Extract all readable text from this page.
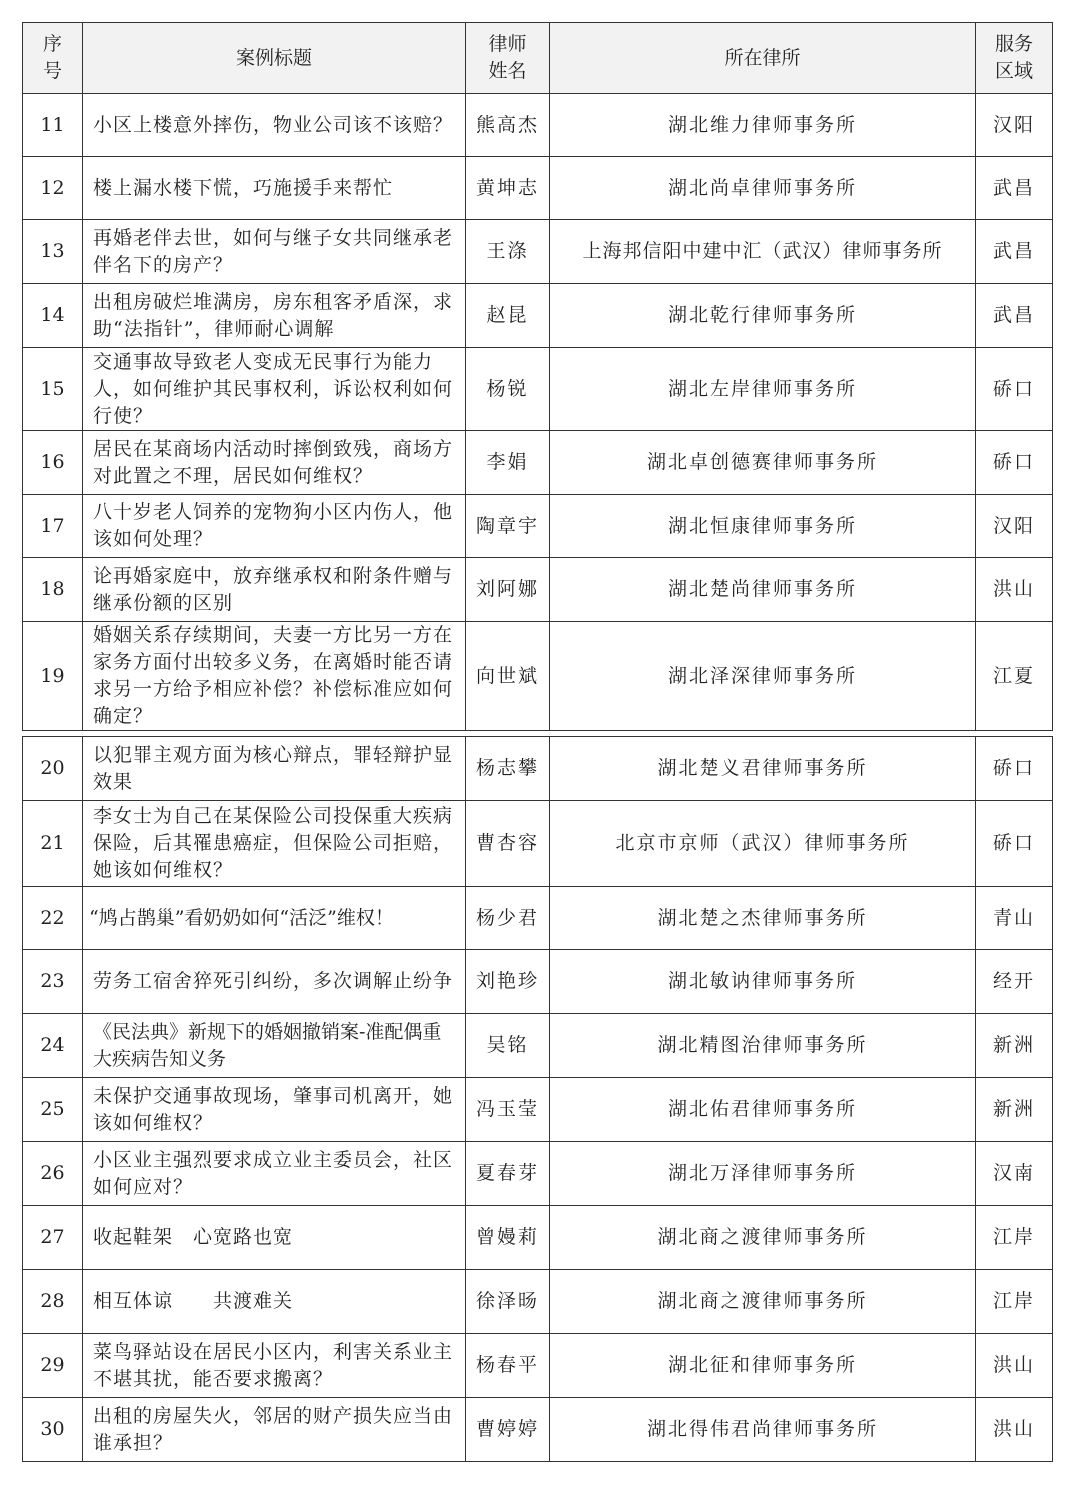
序号	案例标题	律师姓名	所在律所	服务区域
11	小区上楼意外摔伤，物业公司该不该赔？	熊高杰	湖北维力律师事务所	汉阳
12	楼上漏水楼下慌，巧施援手来帮忙	黄坤志	湖北尚卓律师事务所	武昌
13	再婚老伴去世，如何与继子女共同继承老伴名下的房产？	王涤	上海邦信阳中建中汇（武汉）律师事务所	武昌
14	出租房破烂堆满房，房东租客矛盾深，求助“法指针”，律师耐心调解	赵昆	湖北乾行律师事务所	武昌
15	交通事故导致老人变成无民事行为能力人，如何维护其民事权利，诉讼权利如何行使？	杨锐	湖北左岸律师事务所	硚口
16	居民在某商场内活动时摔倒致残，商场方对此置之不理，居民如何维权？	李娟	湖北卓创德赛律师事务所	硚口
17	八十岁老人饲养的宠物狗小区内伤人，他该如何处理？	陶章宇	湖北恒康律师事务所	汉阳
18	论再婚家庭中，放弃继承权和附条件赠与继承份额的区别	刘阿娜	湖北楚尚律师事务所	洪山
19	婚姻关系存续期间，夫妻一方比另一方在家务方面付出较多义务，在离婚时能否请求另一方给予相应补偿？补偿标准应如何确定？	向世斌	湖北泽深律师事务所	江夏
20	以犯罪主观方面为核心辩点，罪轻辩护显效果	杨志攀	湖北楚义君律师事务所	硚口
21	李女士为自己在某保险公司投保重大疾病保险，后其罹患癌症，但保险公司拒赔，她该如何维权？	曹杏容	北京市京师（武汉）律师事务所	硚口
22	“鸠占鹊巢”看奶奶如何“活泛”维权！	杨少君	湖北楚之杰律师事务所	青山
23	劳务工宿舍猝死引纠纷，多次调解止纷争	刘艳珍	湖北敏讷律师事务所	经开
24	《民法典》新规下的婚姻撤销案-准配偶重大疾病告知义务	吴铭	湖北精图治律师事务所	新洲
25	未保护交通事故现场，肇事司机离开，她该如何维权？	冯玉莹	湖北佑君律师事务所	新洲
26	小区业主强烈要求成立业主委员会，社区如何应对？	夏春芽	湖北万泽律师事务所	汉南
27	收起鞋架　心宽路也宽	曾嫚莉	湖北商之渡律师事务所	江岸
28	相互体谅　　共渡难关	徐泽旸	湖北商之渡律师事务所	江岸
29	菜鸟驿站设在居民小区内，利害关系业主不堪其扰，能否要求搬离？	杨春平	湖北征和律师事务所	洪山
30	出租的房屋失火，邻居的财产损失应当由谁承担？	曹婷婷	湖北得伟君尚律师事务所	洪山
